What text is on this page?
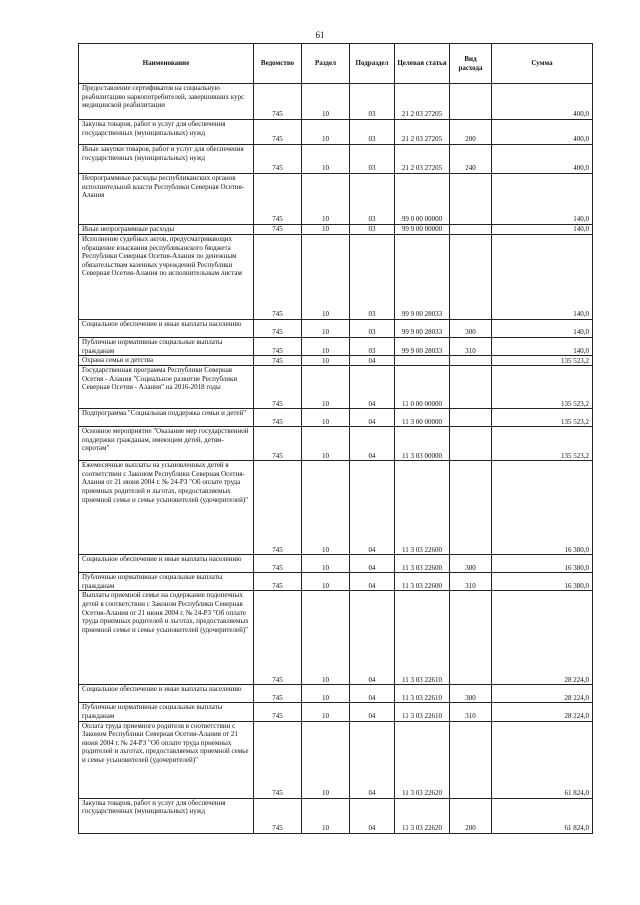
61
Наименование	Ведомство	Раздел	Подраздел	Целевая статья	Вид расхода	Сумма
Предоставление сертификатов на социальную реабилитацию наркопотребителей, завершивших курс медицинской реабилитации	745	10	03	21 2 03 27205		400,0
Закупка товаров, работ и услуг для обеспечения государственных (муниципальных) нужд	745	10	03	21 2 03 27205	200	400,0
Иные закупки товаров, работ и услуг для обеспечения государственных (муниципальных) нужд	745	10	03	21 2 03 27205	240	400,0
Непрограммные расходы республиканских органов исполнительной власти Республики Северная Осетия-Алания	745	10	03	99 0 00 00000		140,0
Иные непрограммные расходы	745	10	03	99 9 00 00000		140,0
Исполнение судебных актов, предусматривающих обращение взыскания республиканского бюджета Республики Северная Осетия-Алания по денежным обязательствам казенных учреждений Республики Северная Осетия-Алания по исполнительным листам	745	10	03	99 9 00 28033		140,0
Социальное обеспечение и иные выплаты населению	745	10	03	99 9 00 28033	300	140,0
Публичные нормативные социальные выплаты гражданам	745	10	03	99 9 00 28033	310	140,0
Охрана семьи и детства	745	10	04			135 523,2
Государственная программа Республики Северная Осетия - Алания "Социальное развитие Республики Северная Осетия - Алания" на 2016-2018 годы	745	10	04	11 0 00 00000		135 523,2
Подпрограмма "Социальная поддержка семьи и детей"	745	10	04	11 3 00 00000		135 523,2
Основное мероприятие "Оказание мер государственной поддержки гражданам, имеющим детей, детям-сиротам"	745	10	04	11 3 03 00000		135 523,2
Ежемесячные выплаты на усыновленных детей в соответствии с Законом Республики Северная Осетия-Алания от 21 июня 2004 г. № 24-РЗ "Об оплате труда приемных родителей и льготах, предоставляемых приемной семье и семье усыновителей (удочерителей)"	745	10	04	11 3 03 22600		16 380,0
Социальное обеспечение и иные выплаты населению	745	10	04	11 3 03 22600	300	16 380,0
Публичные нормативные социальные выплаты гражданам	745	10	04	11 3 03 22600	310	16 380,0
Выплаты приемной семье на содержание подопечных детей в соответствии с Законом Республики Северная Осетия-Алания от 21 июня 2004 г. № 24-РЗ "Об оплате труда приемных родителей и льготах, предоставляемых приемной семье и семье усыновителей (удочерителей)"	745	10	04	11 3 03 22610		28 224,0
Социальное обеспечение и иные выплаты населению	745	10	04	11 3 03 22610	300	28 224,0
Публичные нормативные социальные выплаты гражданам	745	10	04	11 3 03 22610	310	28 224,0
Оплата труда приемного родителя в соответствии с Законом Республики Северная Осетия-Алания от 21 июня 2004 г. № 24-РЗ "Об оплате труда приемных родителей и льготах, предоставляемых приемной семье и семье усыновителей (удочерителей)"	745	10	04	11 3 03 22620		61 824,0
Закупка товаров, работ и услуг для обеспечения государственных (муниципальных) нужд	745	10	04	11 3 03 22620	200	61 824,0
